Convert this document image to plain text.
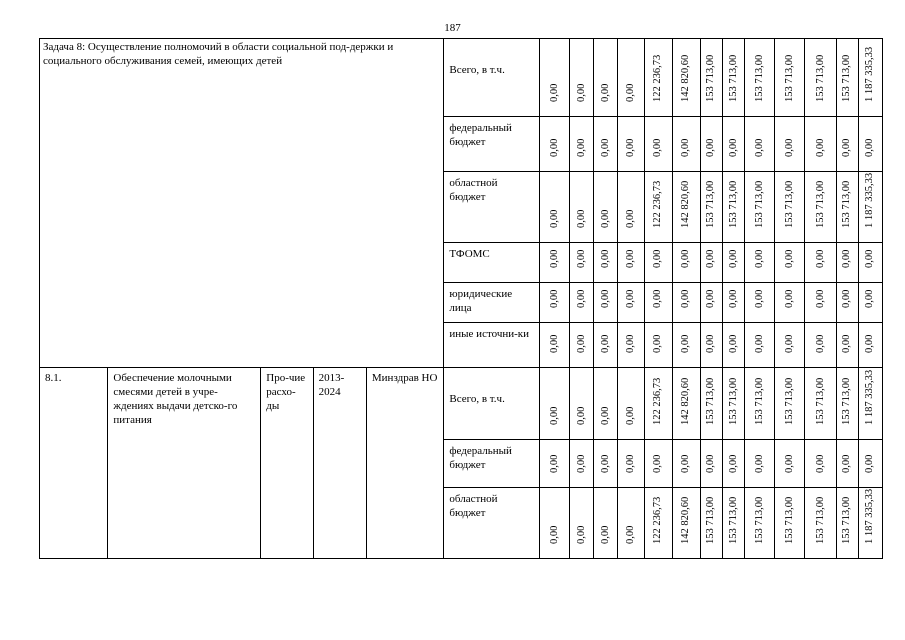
187
Задача 8: Осуществление полномочий в области социальной под-держки и социального обслуживания семей, имеющих детей					Всего, в т.ч.	0,00	0,00	0,00	0,00	122 236,73	142 820,60	153 713,00	153 713,00	153 713,00	153 713,00	153 713,00	153 713,00	1 187 335,33

					федеральный бюджет	0,00	0,00	0,00	0,00	0,00	0,00	0,00	0,00	0,00	0,00	0,00	0,00	0,00

					областной бюджет	0,00	0,00	0,00	0,00	122 236,73	142 820,60	153 713,00	153 713,00	153 713,00	153 713,00	153 713,00	153 713,00	1 187 335,33

					ТФОМС	0,00	0,00	0,00	0,00	0,00	0,00	0,00	0,00	0,00	0,00	0,00	0,00	0,00

					юридические лица	0,00	0,00	0,00	0,00	0,00	0,00	0,00	0,00	0,00	0,00	0,00	0,00	0,00

					иные источни-ки	0,00	0,00	0,00	0,00	0,00	0,00	0,00	0,00	0,00	0,00	0,00	0,00	0,00

8.1.	Обеспечение молочными смесями детей в учре-ждениях выдачи детско-го питания	Про-чие расхо-ды	2013-2024	Минздрав НО	Всего, в т.ч.	0,00	0,00	0,00	0,00	122 236,73	142 820,60	153 713,00	153 713,00	153 713,00	153 713,00	153 713,00	153 713,00	1 187 335,33

					федеральный бюджет	0,00	0,00	0,00	0,00	0,00	0,00	0,00	0,00	0,00	0,00	0,00	0,00	0,00

					областной бюджет	0,00	0,00	0,00	0,00	122 236,73	142 820,60	153 713,00	153 713,00	153 713,00	153 713,00	153 713,00	153 713,00	1 187 335,33
